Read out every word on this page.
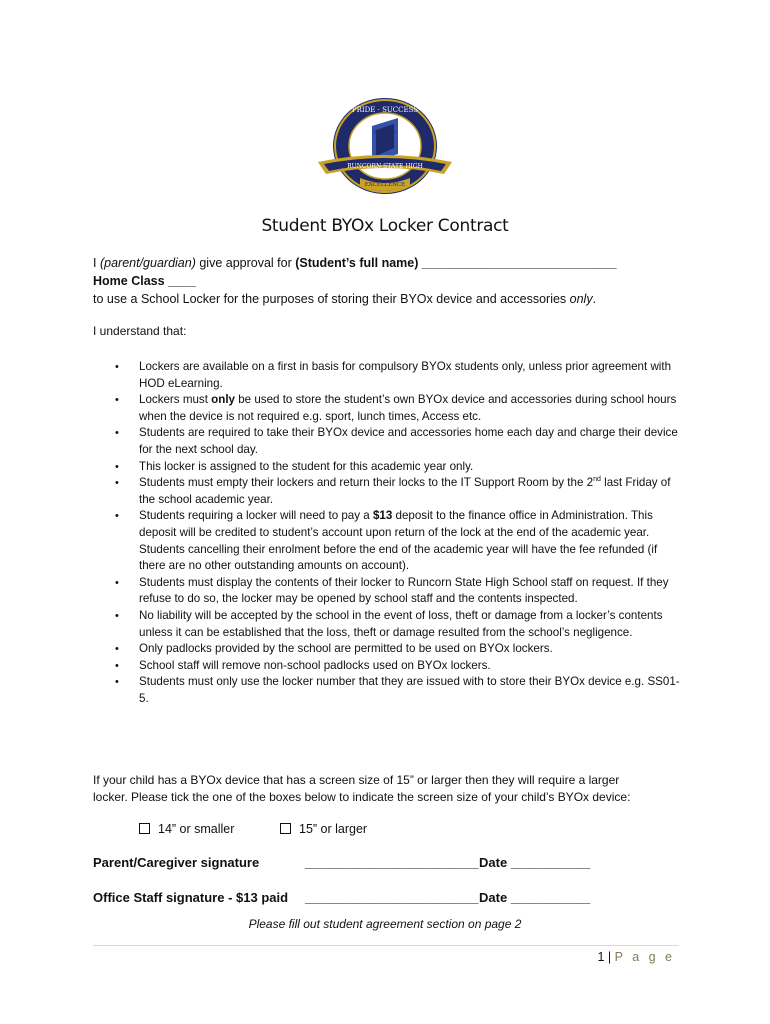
PRIDE · SUCCESS
Est. 1986
RUNCORN STATE HIGH
EXCELLENCE
Student BYOx Locker Contract
I (parent/guardian) give approval for (Student’s full name) ____________________________
Home Class ____
to use a School Locker for the purposes of storing their BYOx device and accessories only.
I understand that:
• Lockers are available on a first in basis for compulsory BYOx students only, unless prior agreement with HOD eLearning.
• Lockers must only be used to store the student’s own BYOx device and accessories during school hours when the device is not required e.g. sport, lunch times, Access etc.
• Students are required to take their BYOx device and accessories home each day and charge their device for the next school day.
• This locker is assigned to the student for this academic year only.
• Students must empty their lockers and return their locks to the IT Support Room by the 2nd last Friday of the school academic year.
• Students requiring a locker will need to pay a $13 deposit to the finance office in Administration. This deposit will be credited to student’s account upon return of the lock at the end of the academic year. Students cancelling their enrolment before the end of the academic year will have the fee refunded (if there are no other outstanding amounts on account).
• Students must display the contents of their locker to Runcorn State High School staff on request. If they refuse to do so, the locker may be opened by school staff and the contents inspected.
• No liability will be accepted by the school in the event of loss, theft or damage from a locker’s contents unless it can be established that the loss, theft or damage resulted from the school’s negligence.
• Only padlocks provided by the school are permitted to be used on BYOx lockers.
• School staff will remove non-school padlocks used on BYOx lockers.
• Students must only use the locker number that they are issued with to store their BYOx device e.g. SS01-5.
If your child has a BYOx device that has a screen size of 15” or larger then they will require a larger
locker. Please tick the one of the boxes below to indicate the screen size of your child’s BYOx device:
14” or smaller	15” or larger
Parent/Caregiver signature	________________________ Date ___________
Office Staff signature - $13 paid ________________________ Date ___________
Please fill out student agreement section on page 2
1 | P a g e
